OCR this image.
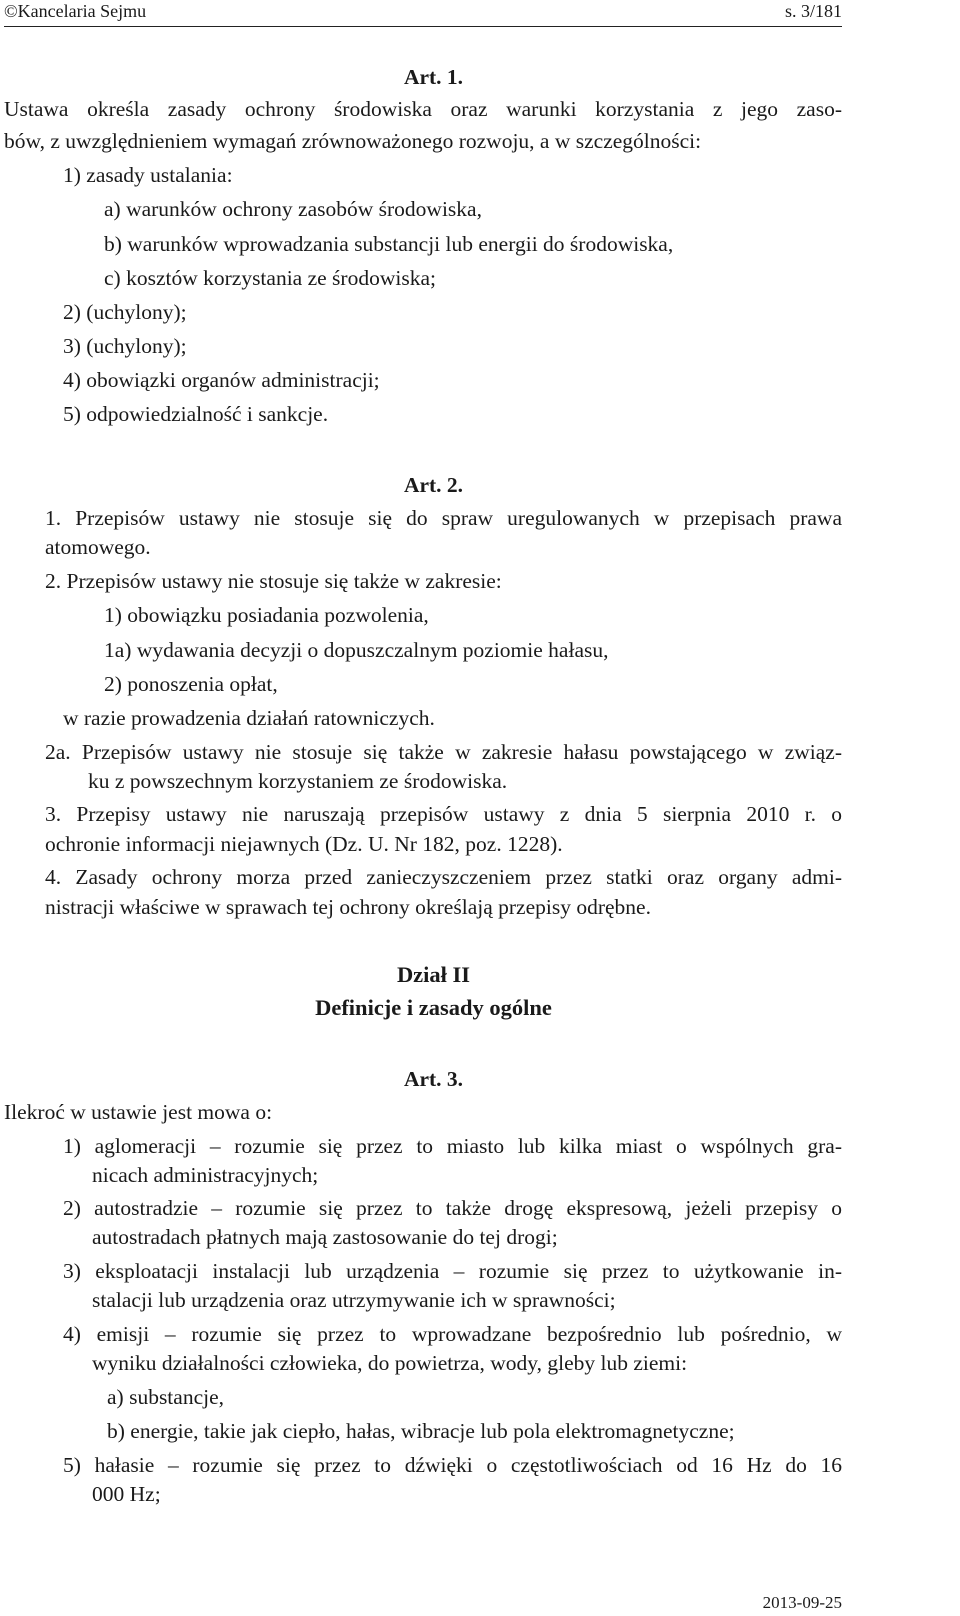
©Kancelaria Sejmu	s. 3/181
Art. 1.
Ustawa określa zasady ochrony środowiska oraz warunki korzystania z jego zaso-
bów, z uwzględnieniem wymagań zrównoważonego rozwoju, a w szczególności:
1) zasady ustalania:
a) warunków ochrony zasobów środowiska,
b) warunków wprowadzania substancji lub energii do środowiska,
c) kosztów korzystania ze środowiska;
2) (uchylony);
3) (uchylony);
4) obowiązki organów administracji;
5) odpowiedzialność i sankcje.
Art. 2.
1. Przepisów ustawy nie stosuje się do spraw uregulowanych w przepisach prawa
atomowego.
2. Przepisów ustawy nie stosuje się także w zakresie:
1) obowiązku posiadania pozwolenia,
1a) wydawania decyzji o dopuszczalnym poziomie hałasu,
2) ponoszenia opłat,
w razie prowadzenia działań ratowniczych.
2a. Przepisów ustawy nie stosuje się także w zakresie hałasu powstającego w związ-
ku z powszechnym korzystaniem ze środowiska.
3. Przepisy ustawy nie naruszają przepisów ustawy z dnia 5 sierpnia 2010 r. o
ochronie informacji niejawnych (Dz. U. Nr 182, poz. 1228).
4. Zasady ochrony morza przed zanieczyszczeniem przez statki oraz organy admi-
nistracji właściwe w sprawach tej ochrony określają przepisy odrębne.
Dział II
Definicje i zasady ogólne
Art. 3.
Ilekroć w ustawie jest mowa o:
1) aglomeracji – rozumie się przez to miasto lub kilka miast o wspólnych gra-
nicach administracyjnych;
2) autostradzie – rozumie się przez to także drogę ekspresową, jeżeli przepisy o
autostradach płatnych mają zastosowanie do tej drogi;
3) eksploatacji instalacji lub urządzenia – rozumie się przez to użytkowanie in-
stalacji lub urządzenia oraz utrzymywanie ich w sprawności;
4) emisji – rozumie się przez to wprowadzane bezpośrednio lub pośrednio, w
wyniku działalności człowieka, do powietrza, wody, gleby lub ziemi:
a) substancje,
b) energie, takie jak ciepło, hałas, wibracje lub pola elektromagnetyczne;
5) hałasie – rozumie się przez to dźwięki o częstotliwościach od 16 Hz do 16
000 Hz;
2013-09-25
